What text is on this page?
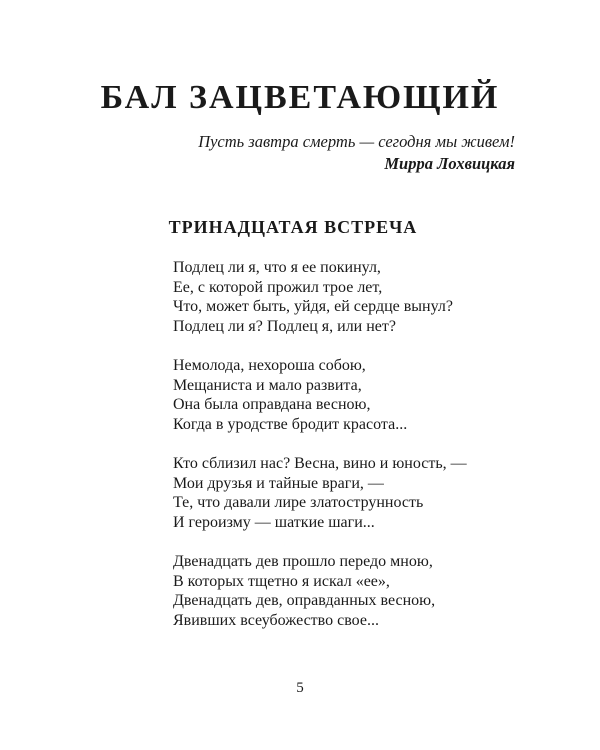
БАЛ ЗАЦВЕТАЮЩИЙ
Пусть завтра смерть — сегодня мы живем!
Мирра Лохвицкая
ТРИНАДЦАТАЯ ВСТРЕЧА
Подлец ли я, что я ее покинул,
Ее, с которой прожил трое лет,
Что, может быть, уйдя, ей сердце вынул?
Подлец ли я? Подлец я, или нет?
Немолода, нехороша собою,
Мещаниста и мало развита,
Она была оправдана весною,
Когда в уродстве бродит красота...
Кто сблизил нас? Весна, вино и юность, —
Мои друзья и тайные враги, —
Те, что давали лире златострунность
И героизму — шаткие шаги...
Двенадцать дев прошло передо мною,
В которых тщетно я искал «ее»,
Двенадцать дев, оправданных весною,
Явивших всеубожество свое...
5
